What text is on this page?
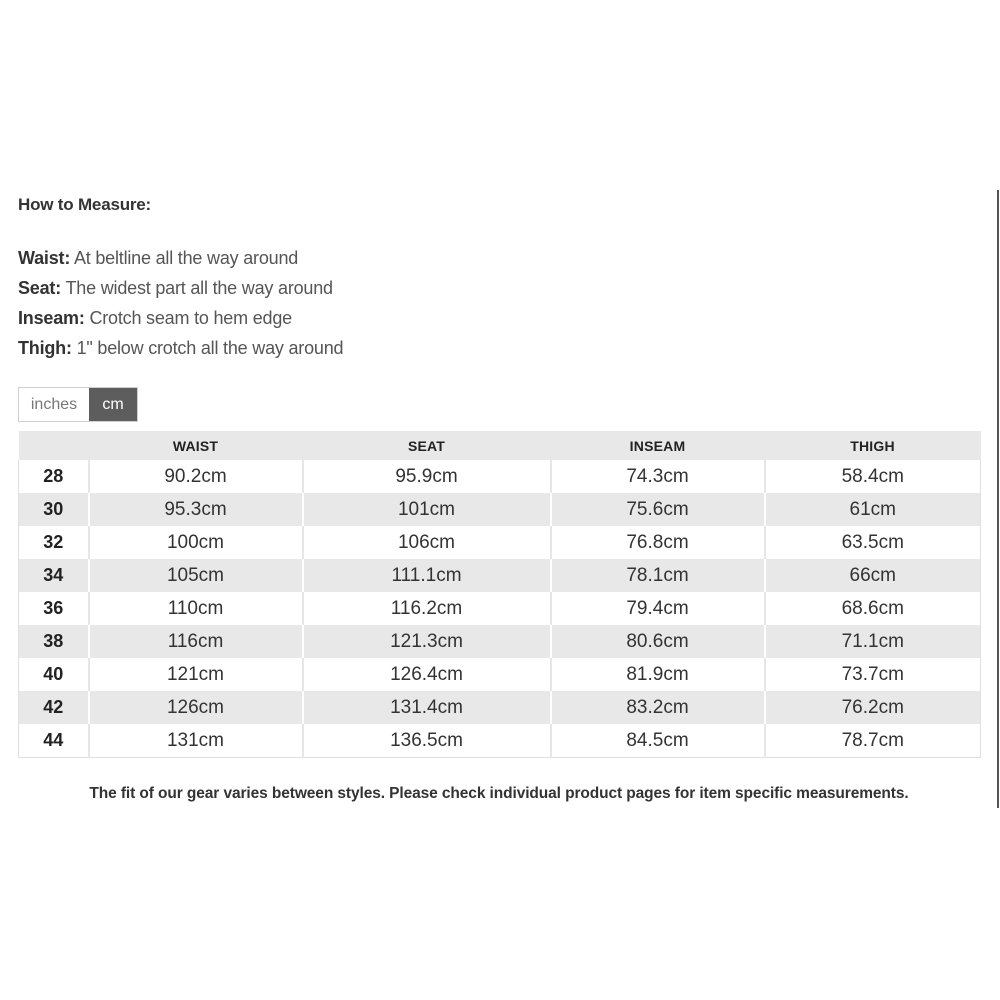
How to Measure:
Waist: At beltline all the way around
Seat: The widest part all the way around
Inseam: Crotch seam to hem edge
Thigh: 1" below crotch all the way around
inches	cm
	WAIST	SEAT	INSEAM	THIGH
28	90.2cm	95.9cm	74.3cm	58.4cm
30	95.3cm	101cm	75.6cm	61cm
32	100cm	106cm	76.8cm	63.5cm
34	105cm	111.1cm	78.1cm	66cm
36	110cm	116.2cm	79.4cm	68.6cm
38	116cm	121.3cm	80.6cm	71.1cm
40	121cm	126.4cm	81.9cm	73.7cm
42	126cm	131.4cm	83.2cm	76.2cm
44	131cm	136.5cm	84.5cm	78.7cm
The fit of our gear varies between styles. Please check individual product pages for item specific measurements.
